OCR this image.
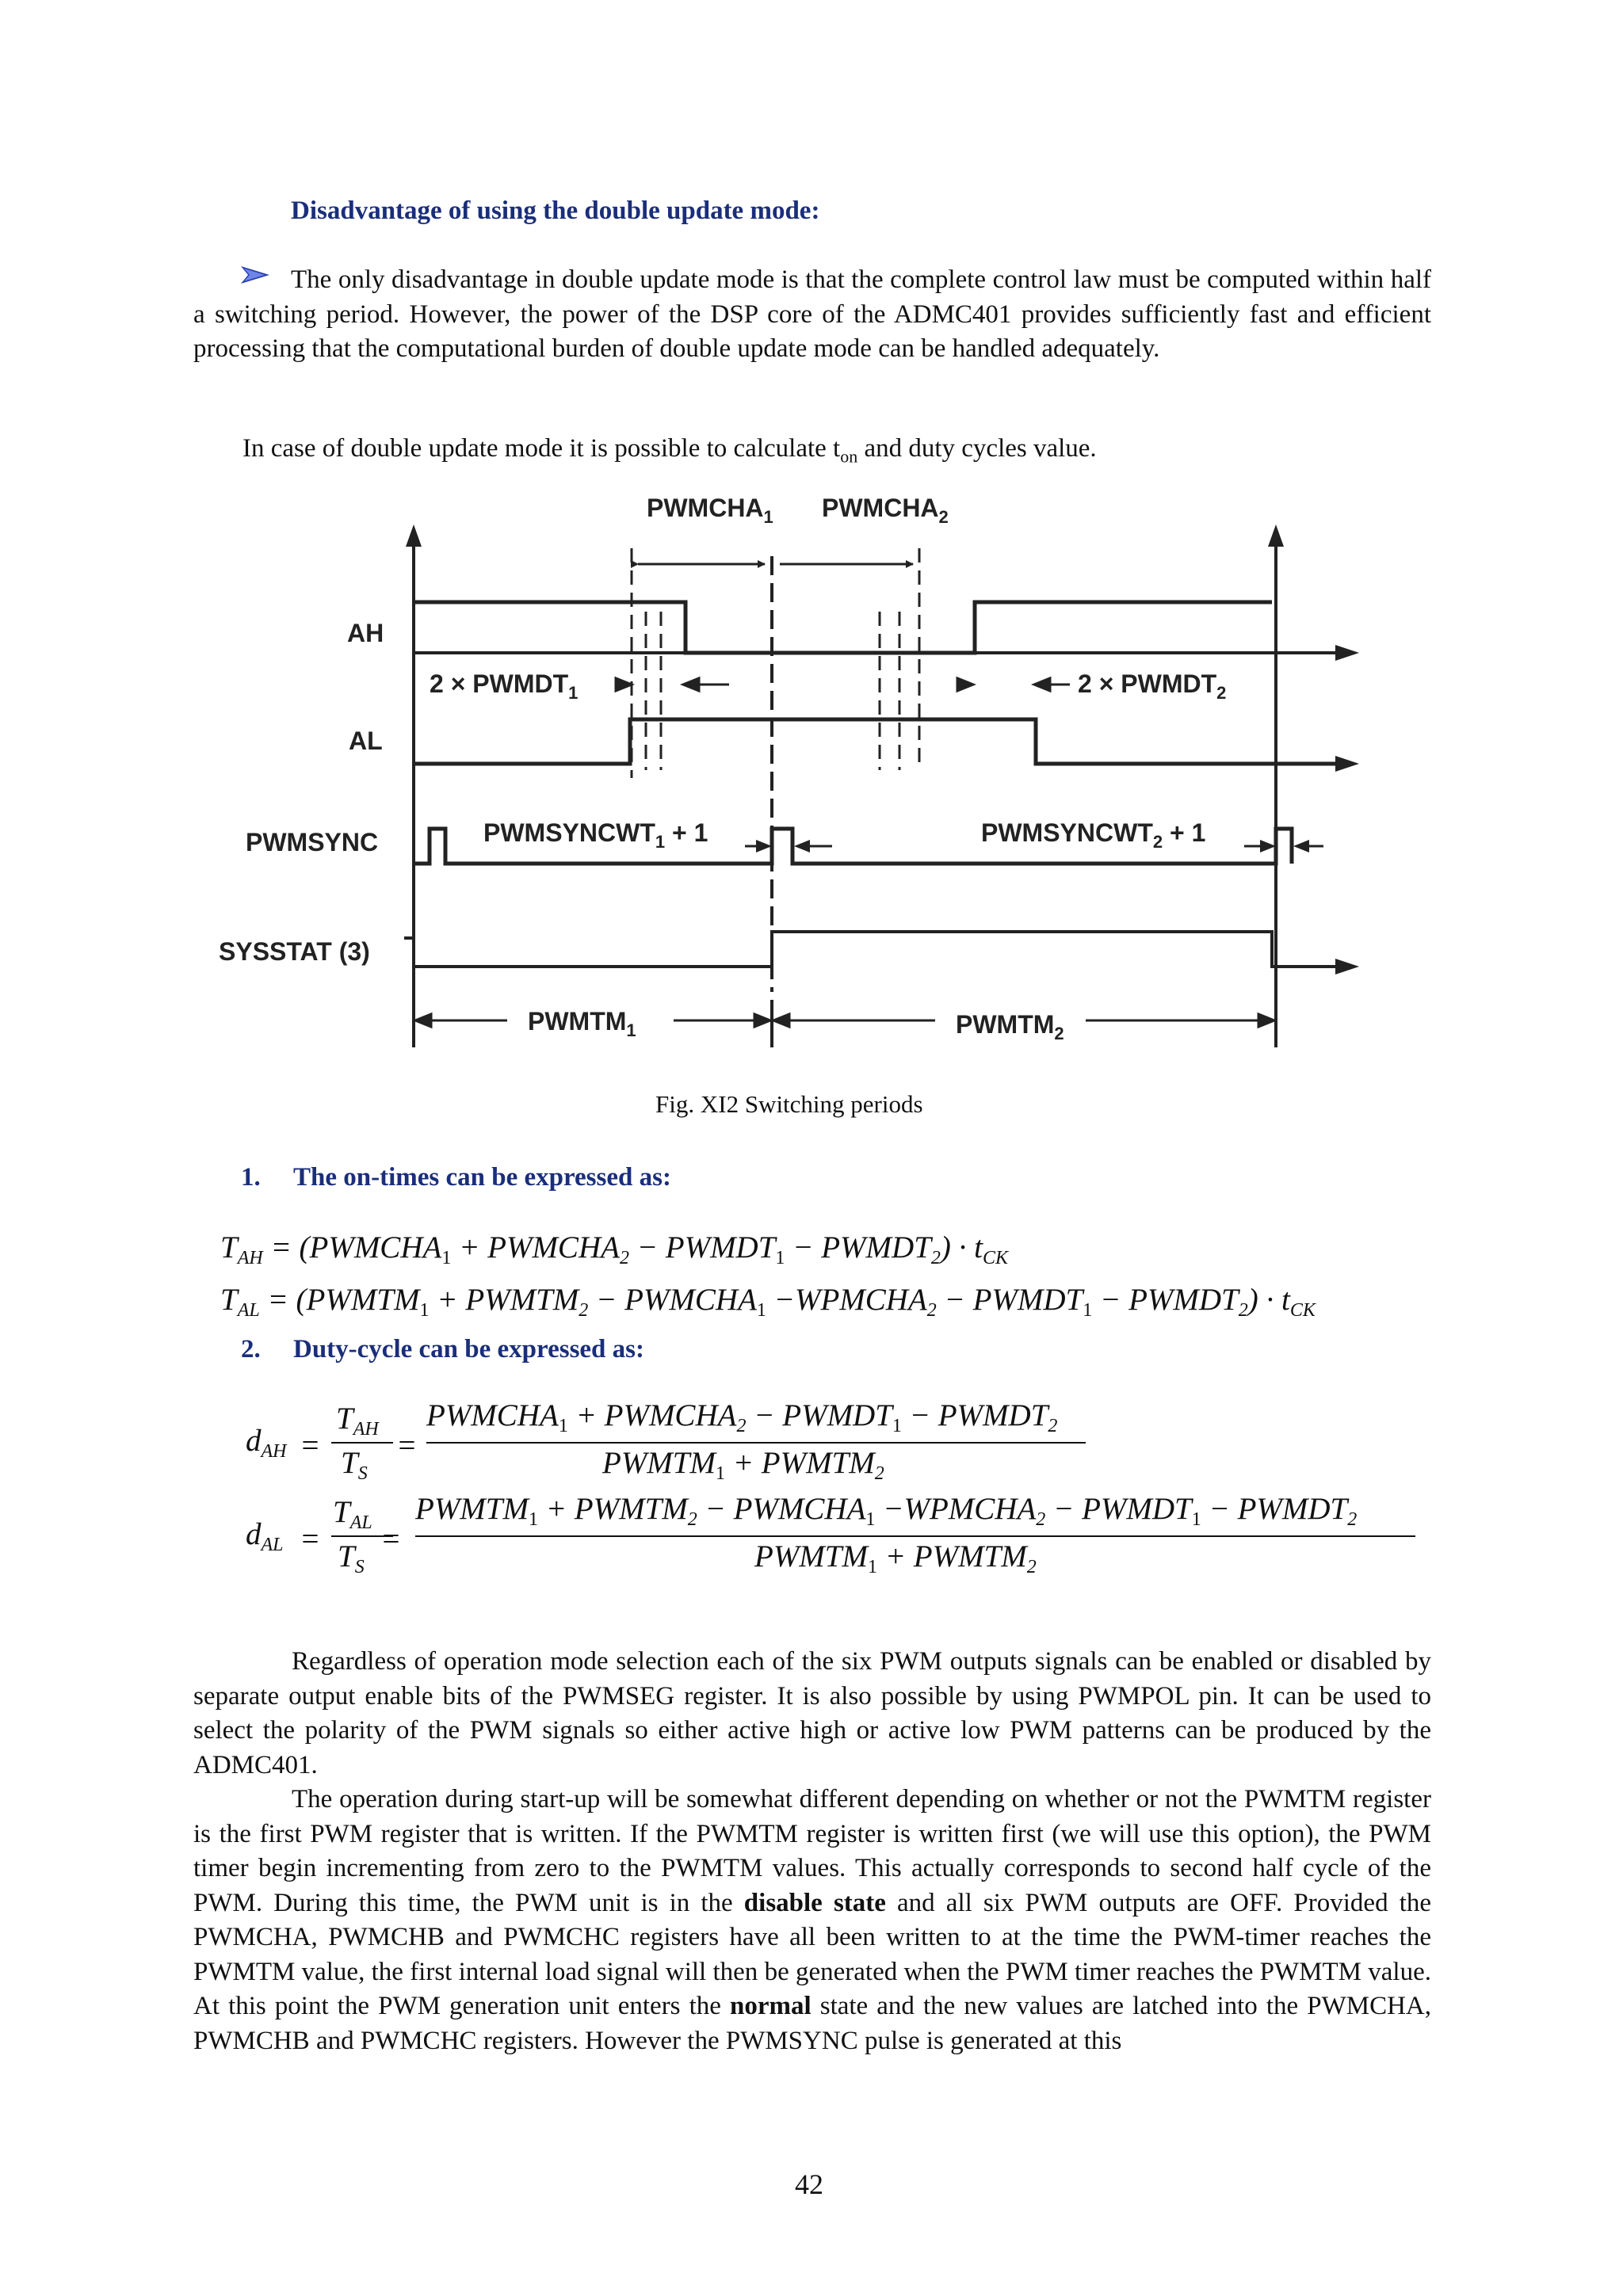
Disadvantage of using the double update mode:
The only disadvantage in double update mode is that the complete control law must be computed within half a switching period. However, the power of the DSP core of the ADMC401 provides sufficiently fast and efficient processing that the computational burden of double update mode can be handled adequately.
In case of double update mode it is possible to calculate $t_{on}$ and duty cycles value.
$PWMCHA_1$ $PWMCHA_2$
AH
AL
$2 \times PWMDT_1$	$2 \times PWMDT_2$
PWMSYNC	$PWMSYNCWT_1 + 1$	$PWMSYNCWT_2 + 1$
SYSSTAT (3)
$PWMTM_1$	$PWMTM_2$
Fig. XI2 Switching periods
1. The on-times can be expressed as:
$T_{AH}$ = ($PWMCHA_1$ + $PWMCHA_2$ − $PWMDT_1$ − $PWMDT_2) \cdot t_{CK}$
$T_{AL}$ = ($PWMTM_1$ + $PWMTM_2$ − $PWMCHA_1$ $-WPMCHA_2$ − $PWMDT_1$ − $PWMDT_2) \cdot t_{CK}$
2. Duty-cycle can be expressed as:
$d_{AH}$ =
$T_{AH}$
$T_S$
=
$PWMCHA_1$ + $PWMCHA_2$ − $PWMDT_1$ − $PWMDT_2$
$PWMTM_1$ + $PWMTM_2$
$d_{AL}$ =
$T_{AL}$
$T_S$
=
$PWMTM_1$ + $PWMTM_2$ − $PWMCHA_1$ $-WPMCHA_2$ − $PWMDT_1$ − $PWMDT_2$
$PWMTM_1$ + $PWMTM_2$
Regardless of operation mode selection each of the six PWM outputs signals can be enabled or disabled by separate output enable bits of the PWMSEG register. It is also possible by using PWMPOL pin. It can be used to select the polarity of the PWM signals so either active high or active low PWM patterns can be produced by the ADMC401.
The operation during start-up will be somewhat different depending on whether or not the PWMTM register is the first PWM register that is written. If the PWMTM register is written first (we will use this option), the PWM timer begin incrementing from zero to the PWMTM values. This actually corresponds to second half cycle of the PWM. During this time, the PWM unit is in the disable state and all six PWM outputs are OFF. Provided the PWMCHA, PWMCHB and PWMCHC registers have all been written to at the time the PWM-timer reaches the PWMTM value, the first internal load signal will then be generated when the PWM timer reaches the PWMTM value. At this point the PWM generation unit enters the normal state and the new values are latched into the PWMCHA, PWMCHB and PWMCHC registers. However the PWMSYNC pulse is generated at this
42
